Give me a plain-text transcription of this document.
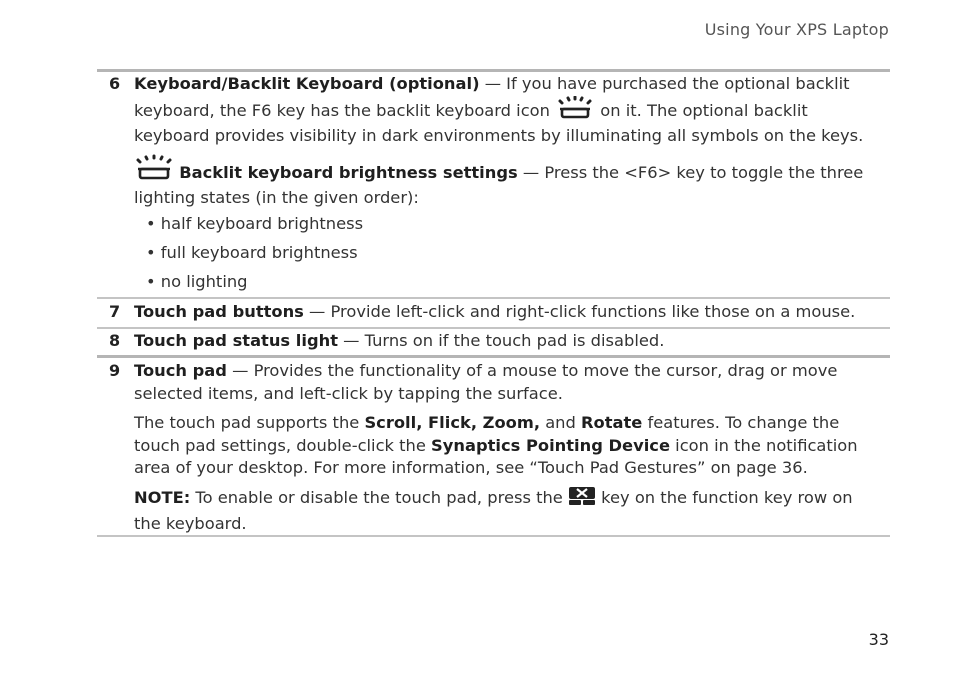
Using Your XPS Laptop
6 Keyboard/Backlit Keyboard (optional) — If you have purchased the optional backlit keyboard, the F6 key has the backlit keyboard icon  on it. The optional backlit
keyboard provides visibility in dark environments by illuminating all symbols on the keys.
Backlit keyboard brightness settings — Press the <F6> key to toggle the three lighting states (in the given order):
• half keyboard brightness
• full keyboard brightness
• no lighting
7 Touch pad buttons — Provide left-click and right-click functions like those on a mouse.
8 Touch pad status light — Turns on if the touch pad is disabled.
9 Touch pad — Provides the functionality of a mouse to move the cursor, drag or move selected items, and left-click by tapping the surface.
The touch pad supports the Scroll, Flick, Zoom, and Rotate features. To change the touch pad settings, double-click the Synaptics Pointing Device icon in the notification area of your desktop. For more information, see “Touch Pad Gestures” on page 36.
NOTE: To enable or disable the touch pad, press the  key on the function key row on the keyboard.
33
